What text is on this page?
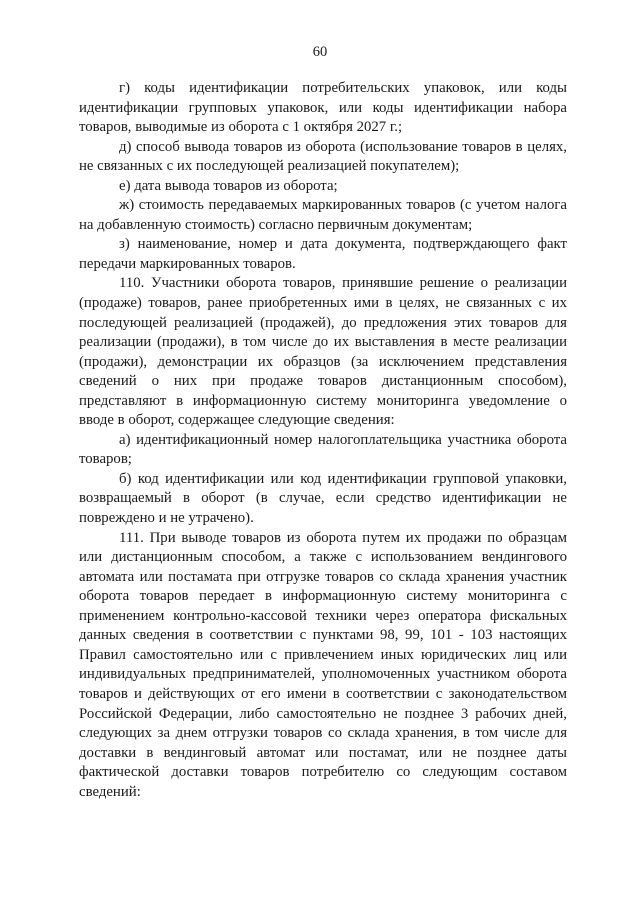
60

г) коды идентификации потребительских упаковок, или коды идентификации групповых упаковок, или коды идентификации набора товаров, выводимые из оборота с 1 октября 2027 г.;

д) способ вывода товаров из оборота (использование товаров в целях, не связанных с их последующей реализацией покупателем);

е) дата вывода товаров из оборота;

ж) стоимость передаваемых маркированных товаров (с учетом налога на добавленную стоимость) согласно первичным документам;

з) наименование, номер и дата документа, подтверждающего факт передачи маркированных товаров.

110. Участники оборота товаров, принявшие решение о реализации (продаже) товаров, ранее приобретенных ими в целях, не связанных с их последующей реализацией (продажей), до предложения этих товаров для реализации (продажи), в том числе до их выставления в месте реализации (продажи), демонстрации их образцов (за исключением представления сведений о них при продаже товаров дистанционным способом), представляют в информационную систему мониторинга уведомление о вводе в оборот, содержащее следующие сведения:

а) идентификационный номер налогоплательщика участника оборота товаров;

б) код идентификации или код идентификации групповой упаковки, возвращаемый в оборот (в случае, если средство идентификации не повреждено и не утрачено).

111. При выводе товаров из оборота путем их продажи по образцам или дистанционным способом, а также с использованием вендингового автомата или постамата при отгрузке товаров со склада хранения участник оборота товаров передает в информационную систему мониторинга с применением контрольно-кассовой техники через оператора фискальных данных сведения в соответствии с пунктами 98, 99, 101 - 103 настоящих Правил самостоятельно или с привлечением иных юридических лиц или индивидуальных предпринимателей, уполномоченных участником оборота товаров и действующих от его имени в соответствии с законодательством Российской Федерации, либо самостоятельно не позднее 3 рабочих дней, следующих за днем отгрузки товаров со склада хранения, в том числе для доставки в вендинговый автомат или постамат, или не позднее даты фактической доставки товаров потребителю со следующим составом сведений:
